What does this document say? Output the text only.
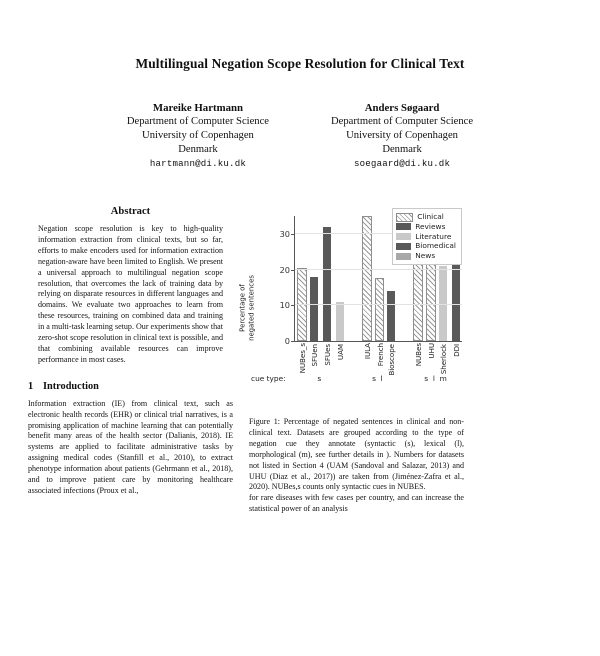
Multilingual Negation Scope Resolution for Clinical Text
Mareike Hartmann
Department of Computer Science
University of Copenhagen
Denmark
hartmann@di.ku.dk
Anders Søgaard
Department of Computer Science
University of Copenhagen
Denmark
soegaard@di.ku.dk
Abstract

Negation scope resolution is key to high-quality information extraction from clinical texts, but so far, efforts to make encoders used for information extraction negation-aware have been limited to English. We present a universal approach to multilingual negation scope resolution, that overcomes the lack of training data by relying on disparate resources in different languages and domains. We evaluate two approaches to learn from these resources, training on combined data and training in a multi-task learning setup. Our experiments show that zero-shot scope resolution in clinical text is possible, and that combining available resources can improve performance in most cases.

1 Introduction

Information extraction (IE) from clinical text, such as electronic health records (EHR) or clinical trial narratives, is a promising application of machine learning that can potentially benefit many areas of the health sector (Dalianis, 2018). IE systems are applied to facilitate administrative tasks by assigning medical codes (Stanfill et al., 2010), to extract phenotype information about patients (Gehrmann et al., 2018), and to improve patient care by monitoring healthcare associated infections (Proux et al.,

Clinical
Reviews
Literature
Biomedical
News
Percentage of negated sentences
NUBes_s SFUen SFUes UAM IULA French Bioscope NUBes UHU Sherlock DDI
0
10
20
30
cue type:	s	s l	s l m

Figure 1: Percentage of negated sentences in clinical and non-clinical text. Datasets are grouped according to the type of negation cue they annotate (syntactic (s), lexical (l), morphological (m), see further details in ). Numbers for datasets not listed in Section 4 (UAM (Sandoval and Salazar, 2013) and UHU (Diaz et al., 2017)) are taken from (Jiménez-Zafra et al., 2020). NUBes,s counts only syntactic cues in NUBES.

for rare diseases with few cases per country, and can increase the statistical power of an analysis
